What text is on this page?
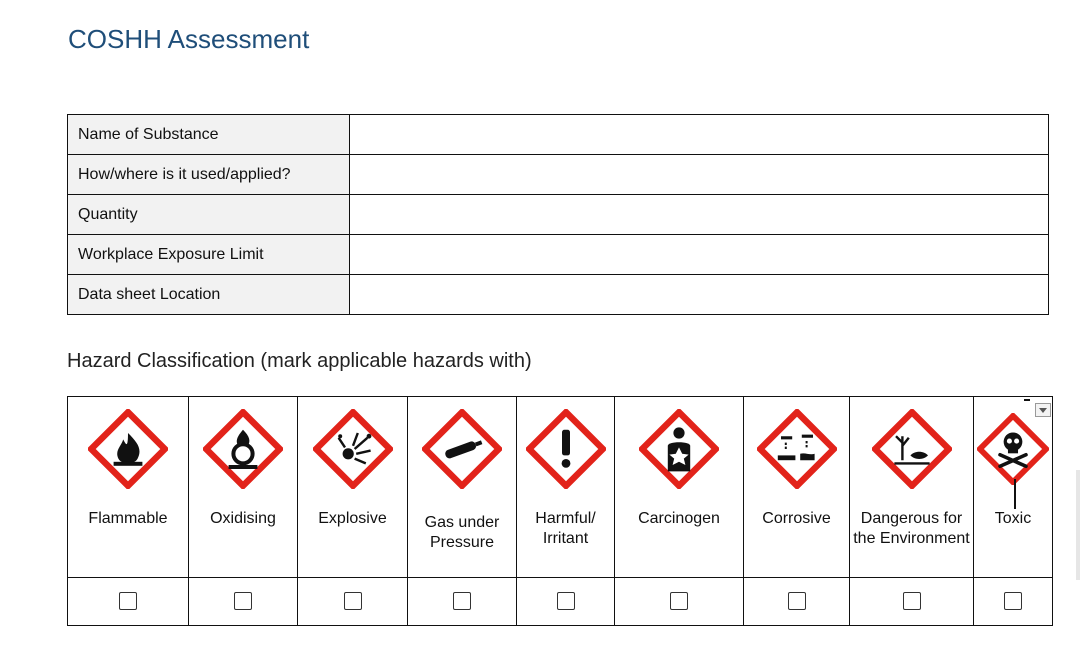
COSHH Assessment
Name of Substance	
How/where is it used/applied?	
Quantity	
Workplace Exposure Limit	
Data sheet Location	
Hazard Classification (mark applicable hazards with)
Flammable	Oxidising	Explosive	Gas under Pressure	Harmful/ Irritant	Carcinogen	Corrosive	Dangerous for the Environment	Toxic
